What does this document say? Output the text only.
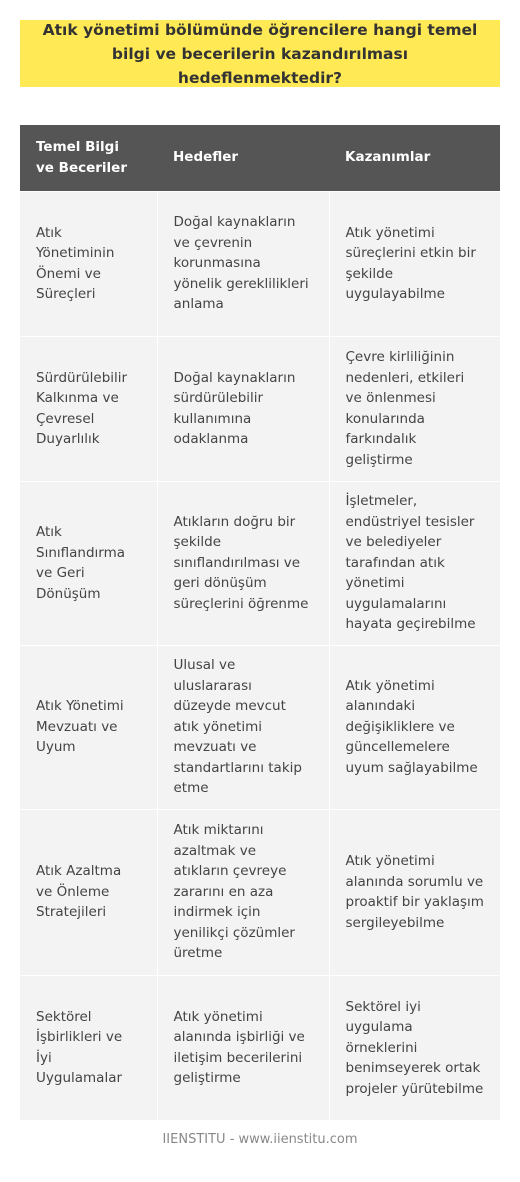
Atık yönetimi bölümünde öğrencilere hangi temel bilgi ve becerilerin kazandırılması hedeflenmektedir?
Temel Bilgi ve Beceriler	Hedefler	Kazanımlar
Atık Yönetiminin Önemi ve Süreçleri	Doğal kaynakların ve çevrenin korunmasına yönelik gereklilikleri anlama	Atık yönetimi süreçlerini etkin bir şekilde uygulayabilme
Sürdürülebilir Kalkınma ve Çevresel Duyarlılık	Doğal kaynakların sürdürülebilir kullanımına odaklanma	Çevre kirliliğinin nedenleri, etkileri ve önlenmesi konularında farkındalık geliştirme
Atık Sınıflandırma ve Geri Dönüşüm	Atıkların doğru bir şekilde sınıflandırılması ve geri dönüşüm süreçlerini öğrenme	İşletmeler, endüstriyel tesisler ve belediyeler tarafından atık yönetimi uygulamalarını hayata geçirebilme
Atık Yönetimi Mevzuatı ve Uyum	Ulusal ve uluslararası düzeyde mevcut atık yönetimi mevzuatı ve standartlarını takip etme	Atık yönetimi alanındaki değişikliklere ve güncellemelere uyum sağlayabilme
Atık Azaltma ve Önleme Stratejileri	Atık miktarını azaltmak ve atıkların çevreye zararını en aza indirmek için yenilikçi çözümler üretme	Atık yönetimi alanında sorumlu ve proaktif bir yaklaşım sergileyebilme
Sektörel İşbirlikleri ve İyi Uygulamalar	Atık yönetimi alanında işbirliği ve iletişim becerilerini geliştirme	Sektörel iyi uygulama örneklerini benimseyerek ortak projeler yürütebilme
IIENSTITU - www.iienstitu.com
